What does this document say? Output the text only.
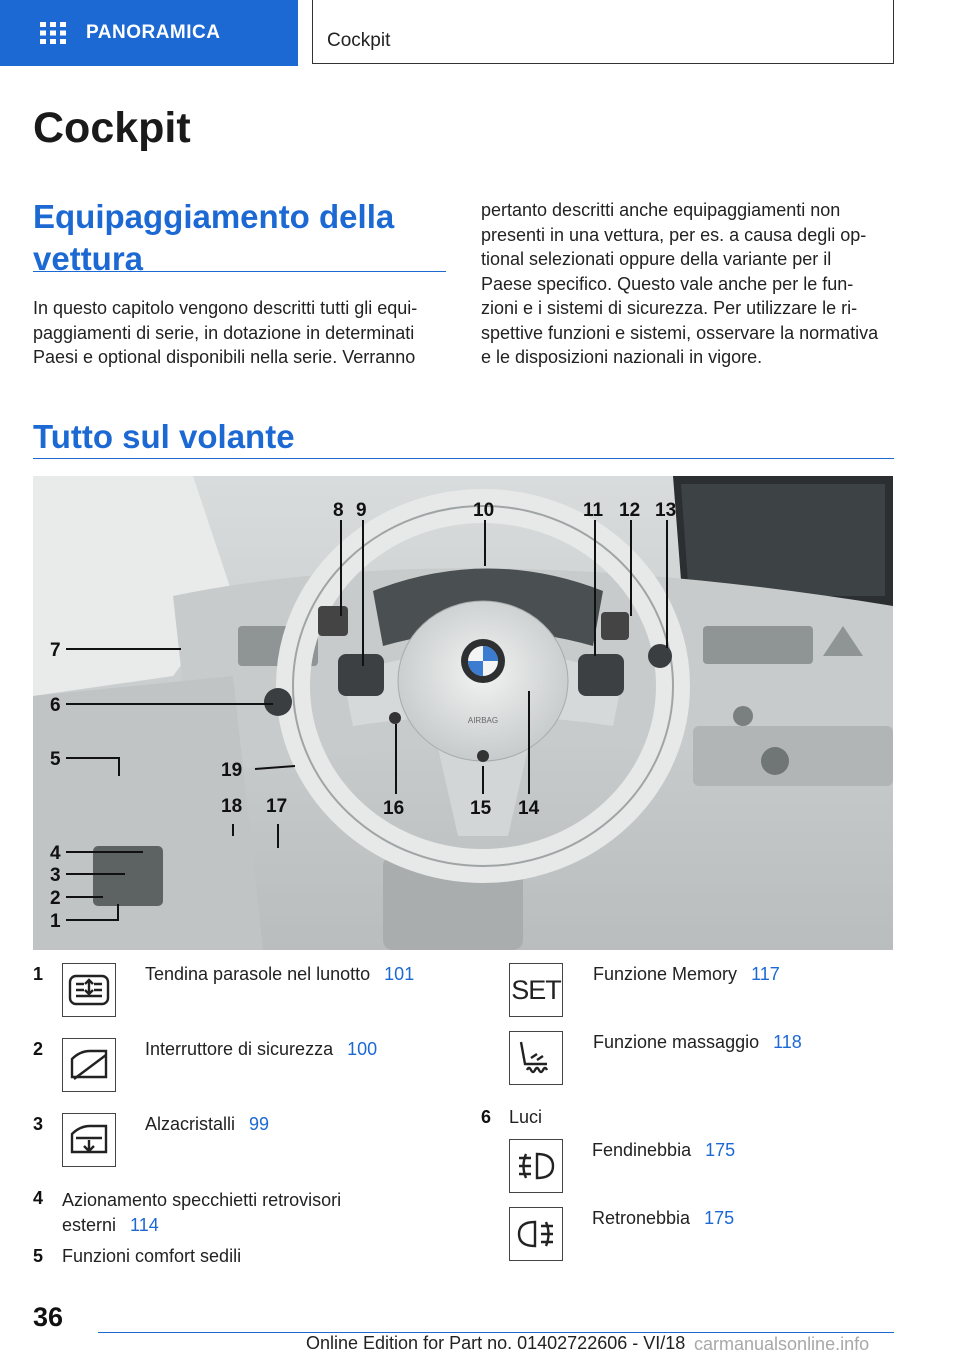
PANORAMICA	Cockpit
Cockpit
Equipaggiamento della
vettura
In questo capitolo vengono descritti tutti gli equi-
paggiamenti di serie, in dotazione in determinati
Paesi e optional disponibili nella serie. Verranno
pertanto descritti anche equipaggiamenti non
presenti in una vettura, per es. a causa degli op-
tional selezionati oppure della variante per il
Paese specifico. Questo vale anche per le fun-
zioni e i sistemi di sicurezza. Per utilizzare le ri-
spettive funzioni e sistemi, osservare la normativa
e le disposizioni nazionali in vigore.
Tutto sul volante
AIRBAG
8 9	10	11 12 13
14
15
16
17
18
19
7
6
5
4
3
2
1
1	Tendina parasole nel lunotto 101
2	Interruttore di sicurezza 100
3	Alzacristalli 99
4 Azionamento specchietti retrovisori
esterni 114
5 Funzioni comfort sedili
SET
Funzione Memory 117
Funzione massaggio 118
6 Luci
Fendinebbia 175
Retronebbia 175
36
Online Edition for Part no. 01402722606 - VI/18 carmanualsonline.info
